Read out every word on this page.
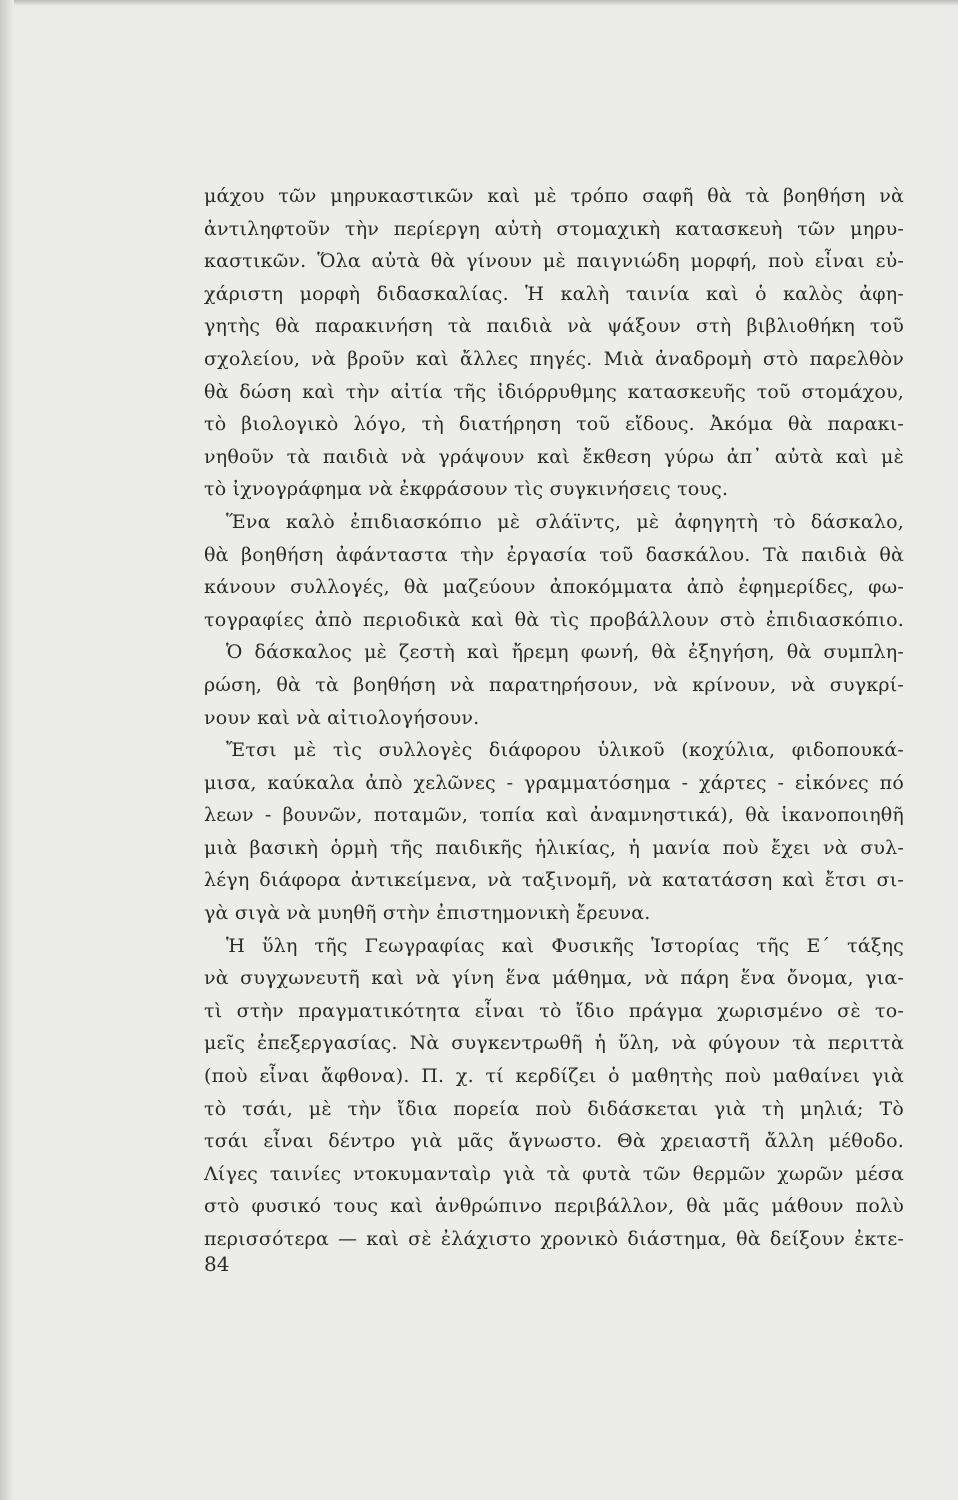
μάχου τῶν μηρυκαστικῶν καὶ μὲ τρόπο σαφῆ θὰ τὰ βοηθήση νὰ
ἀντιληφτοῦν τὴν περίεργη αὐτὴ στομαχικὴ κατασκευὴ τῶν μηρυ-
καστικῶν. Ὅλα αὐτὰ θὰ γίνουν μὲ παιγνιώδη μορφή, ποὺ εἶναι εὐ-
χάριστη μορφὴ διδασκαλίας. Ἡ καλὴ ταινία καὶ ὁ καλὸς ἀφη-
γητὴς θὰ παρακινήση τὰ παιδιὰ νὰ ψάξουν στὴ βιβλιοθήκη τοῦ
σχολείου, νὰ βροῦν καὶ ἄλλες πηγές. Μιὰ ἀναδρομὴ στὸ παρελθὸν
θὰ δώση καὶ τὴν αἰτία τῆς ἰδιόρρυθμης κατασκευῆς τοῦ στομάχου,
τὸ βιολογικὸ λόγο, τὴ διατήρηση τοῦ εἴδους. Ἀκόμα θὰ παρακι-
νηθοῦν τὰ παιδιὰ νὰ γράψουν καὶ ἔκθεση γύρω ἀπ᾽ αὐτὰ καὶ μὲ
τὸ ἰχνογράφημα νὰ ἐκφράσουν τὶς συγκινήσεις τους.
Ἕνα καλὸ ἐπιδιασκόπιο μὲ σλάϊντς, μὲ ἀφηγητὴ τὸ δάσκαλο,
θὰ βοηθήση ἀφάνταστα τὴν ἐργασία τοῦ δασκάλου. Τὰ παιδιὰ θὰ
κάνουν συλλογές, θὰ μαζεύουν ἀποκόμματα ἀπὸ ἐφημερίδες, φω-
τογραφίες ἀπὸ περιοδικὰ καὶ θὰ τὶς προβάλλουν στὸ ἐπιδιασκόπιο.
Ὁ δάσκαλος μὲ ζεστὴ καὶ ἤρεμη φωνή, θὰ ἐξηγήση, θὰ συμπλη-
ρώση, θὰ τὰ βοηθήση νὰ παρατηρήσουν, νὰ κρίνουν, νὰ συγκρί-
νουν καὶ νὰ αἰτιολογήσουν.
Ἔτσι μὲ τὶς συλλογὲς διάφορου ὑλικοῦ (κοχύλια, φιδοπουκά-
μισα, καύκαλα ἀπὸ χελῶνες - γραμματόσημα - χάρτες - εἰκόνες πό
λεων - βουνῶν, ποταμῶν, τοπία καὶ ἀναμνηστικά), θὰ ἱκανοποιηθῆ
μιὰ βασικὴ ὁρμὴ τῆς παιδικῆς ἡλικίας, ἡ μανία ποὺ ἔχει νὰ συλ-
λέγη διάφορα ἀντικείμενα, νὰ ταξινομῆ, νὰ κατατάσση καὶ ἔτσι σι-
γὰ σιγὰ νὰ μυηθῆ στὴν ἐπιστημονικὴ ἔρευνα.
Ἡ ὕλη τῆς Γεωγραφίας καὶ Φυσικῆς Ἱστορίας τῆς Ε΄ τάξης
νὰ συγχωνευτῆ καὶ νὰ γίνη ἕνα μάθημα, νὰ πάρη ἕνα ὄνομα, για-
τὶ στὴν πραγματικότητα εἶναι τὸ ἴδιο πράγμα χωρισμένο σὲ το-
μεῖς ἐπεξεργασίας. Νὰ συγκεντρωθῆ ἡ ὕλη, νὰ φύγουν τὰ περιττὰ
(ποὺ εἶναι ἄφθονα). Π. χ. τί κερδίζει ὁ μαθητὴς ποὺ μαθαίνει γιὰ
τὸ τσάι, μὲ τὴν ἴδια πορεία ποὺ διδάσκεται γιὰ τὴ μηλιά; Τὸ
τσάι εἶναι δέντρο γιὰ μᾶς ἄγνωστο. Θὰ χρειαστῆ ἄλλη μέθοδο.
Λίγες ταινίες ντοκυμανταὶρ γιὰ τὰ φυτὰ τῶν θερμῶν χωρῶν μέσα
στὸ φυσικό τους καὶ ἀνθρώπινο περιβάλλον, θὰ μᾶς μάθουν πολὺ
περισσότερα — καὶ σὲ ἐλάχιστο χρονικὸ διάστημα, θὰ δείξουν ἐκτε-
84
